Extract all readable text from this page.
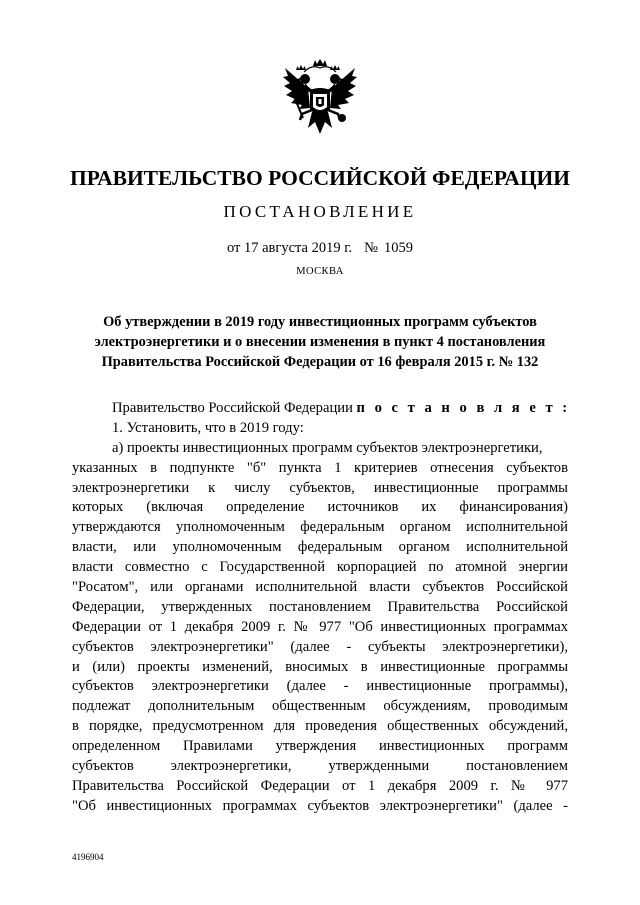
ПРАВИТЕЛЬСТВО РОССИЙСКОЙ ФЕДЕРАЦИИ
ПОСТАНОВЛЕНИЕ
от 17 августа 2019 г. № 1059
МОСКВА
Об утверждении в 2019 году инвестиционных программ субъектов
электроэнергетики и о внесении изменения в пункт 4 постановления
Правительства Российской Федерации от 16 февраля 2015 г. № 132
Правительство Российской Федерации п о с т а н о в л я е т :
1. Установить, что в 2019 году:
а) проекты инвестиционных программ субъектов электроэнергетики,
указанных в подпункте "б" пункта 1 критериев отнесения субъектов
электроэнергетики к числу субъектов, инвестиционные программы
которых (включая определение источников их финансирования)
утверждаются уполномоченным федеральным органом исполнительной
власти, или уполномоченным федеральным органом исполнительной
власти совместно с Государственной корпорацией по атомной энергии
"Росатом", или органами исполнительной власти субъектов Российской
Федерации, утвержденных постановлением Правительства Российской
Федерации от 1 декабря 2009 г. № 977 "Об инвестиционных программах
субъектов электроэнергетики" (далее - субъекты электроэнергетики),
и (или) проекты изменений, вносимых в инвестиционные программы
субъектов электроэнергетики (далее - инвестиционные программы),
подлежат дополнительным общественным обсуждениям, проводимым
в порядке, предусмотренном для проведения общественных обсуждений,
определенном Правилами утверждения инвестиционных программ
субъектов электроэнергетики, утвержденными постановлением
Правительства Российской Федерации от 1 декабря 2009 г. № 977
"Об инвестиционных программах субъектов электроэнергетики" (далее -
4196904
